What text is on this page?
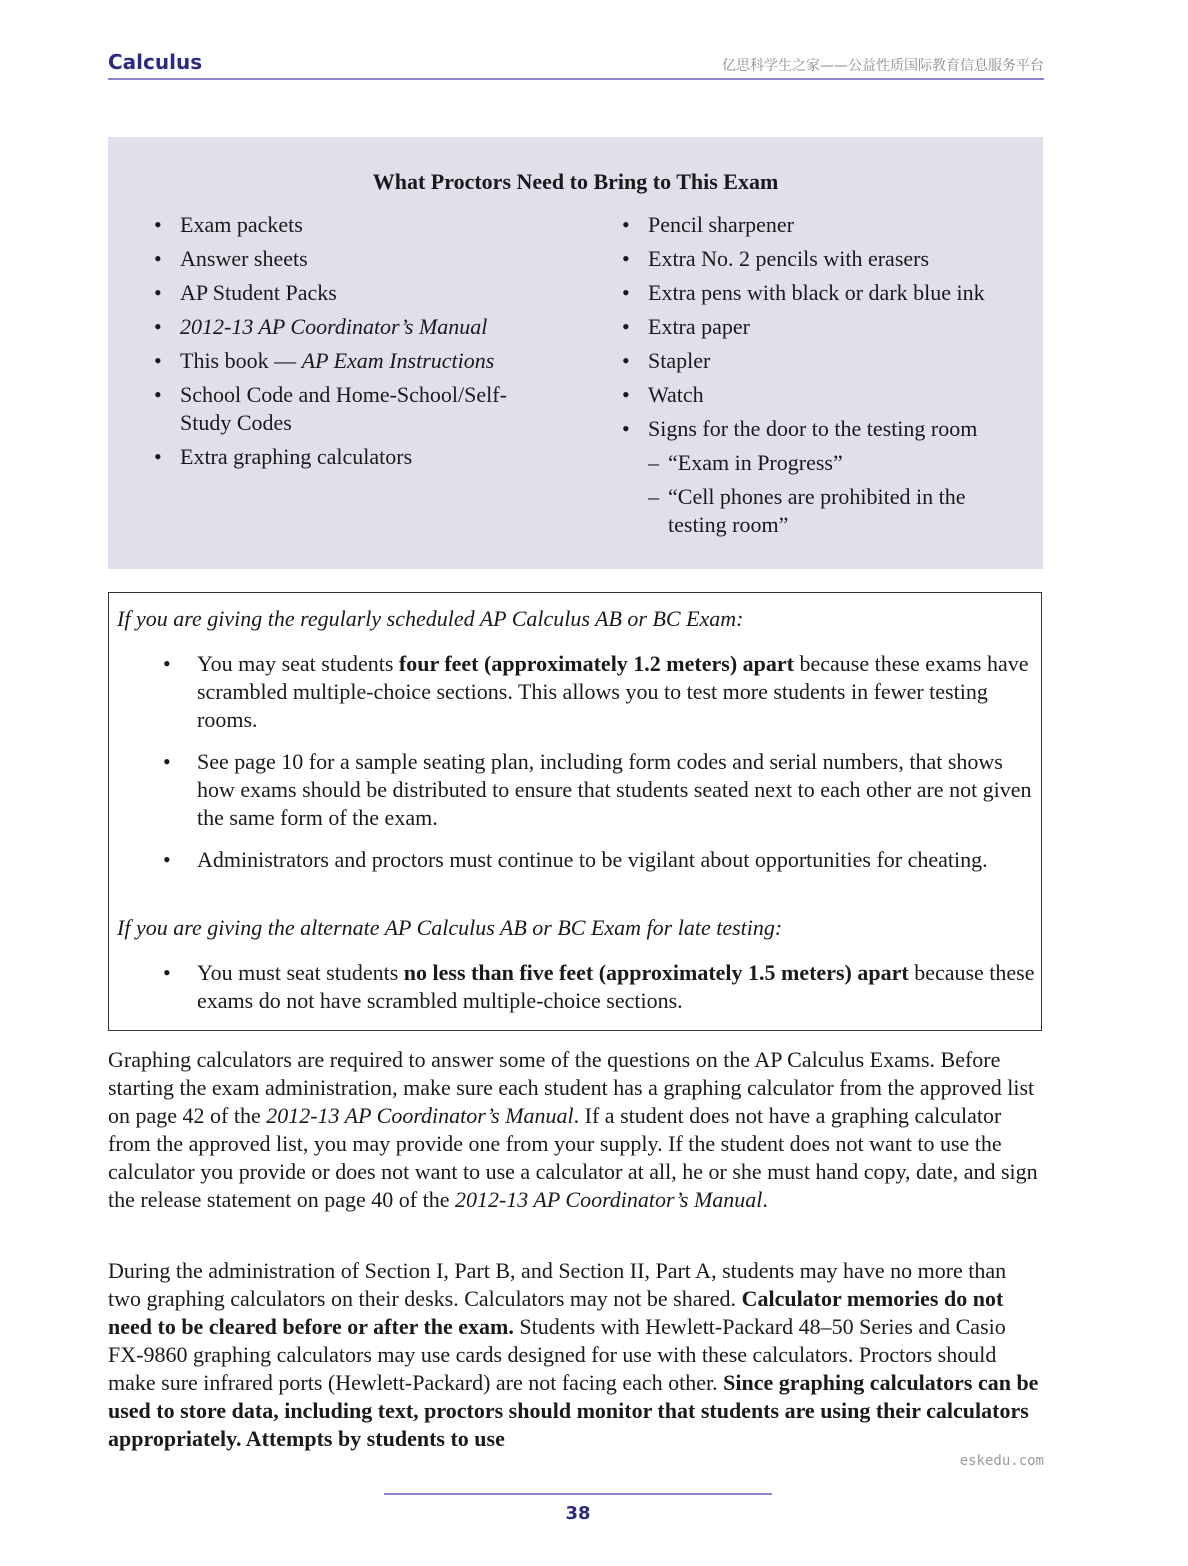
Calculus	亿思科学生之家——公益性质国际教育信息服务平台
What Proctors Need to Bring to This Exam
• Exam packets
• Answer sheets
• AP Student Packs
• 2012-13 AP Coordinator’s Manual
• This book — AP Exam Instructions
• School Code and Home-School/Self-Study Codes
• Extra graphing calculators
• Pencil sharpener
• Extra No. 2 pencils with erasers
• Extra pens with black or dark blue ink
• Extra paper
• Stapler
• Watch
• Signs for the door to the testing room
– “Exam in Progress”
– “Cell phones are prohibited in the testing room”
If you are giving the regularly scheduled AP Calculus AB or BC Exam:
• You may seat students four feet (approximately 1.2 meters) apart because these exams have scrambled multiple-choice sections. This allows you to test more students in fewer testing rooms.
• See page 10 for a sample seating plan, including form codes and serial numbers, that shows how exams should be distributed to ensure that students seated next to each other are not given the same form of the exam.
• Administrators and proctors must continue to be vigilant about opportunities for cheating.
If you are giving the alternate AP Calculus AB or BC Exam for late testing:
• You must seat students no less than five feet (approximately 1.5 meters) apart because these exams do not have scrambled multiple-choice sections.

Graphing calculators are required to answer some of the questions on the AP Calculus Exams. Before starting the exam administration, make sure each student has a graphing calculator from the approved list on page 42 of the 2012-13 AP Coordinator’s Manual. If a student does not have a graphing calculator from the approved list, you may provide one from your supply. If the student does not want to use the calculator you provide or does not want to use a calculator at all, he or she must hand copy, date, and sign the release statement on page 40 of the 2012-13 AP Coordinator’s Manual.

During the administration of Section I, Part B, and Section II, Part A, students may have no more than two graphing calculators on their desks. Calculators may not be shared. Calculator memories do not need to be cleared before or after the exam. Students with Hewlett-Packard 48–50 Series and Casio FX-9860 graphing calculators may use cards designed for use with these calculators. Proctors should make sure infrared ports (Hewlett-Packard) are not facing each other. Since graphing calculators can be used to store data, including text, proctors should monitor that students are using their calculators appropriately. Attempts by students to use

eskedu.com
38
